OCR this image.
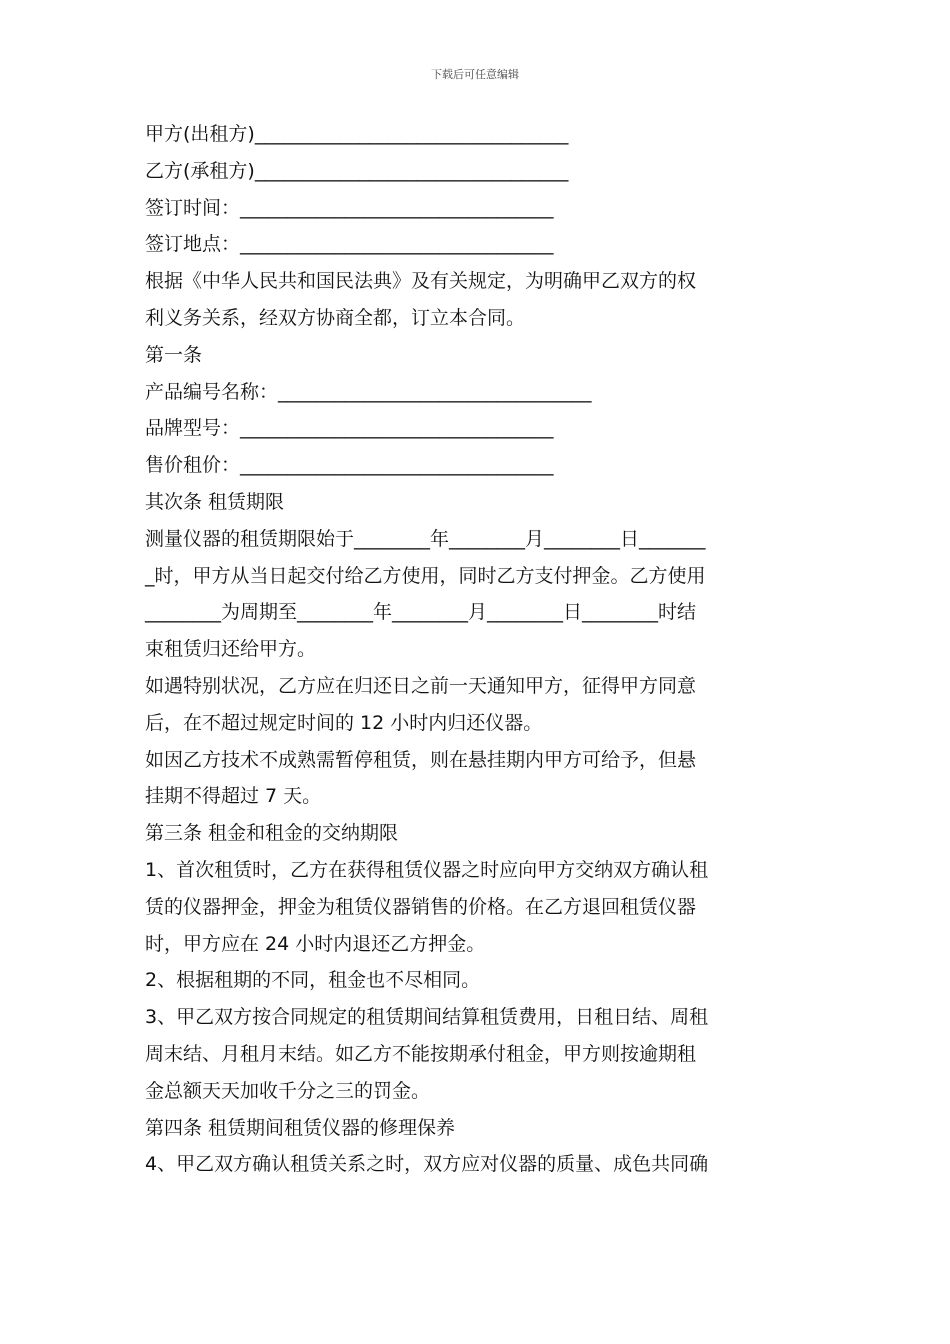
下载后可任意编辑
甲方(出租方)_________________________________
乙方(承租方)_________________________________
签订时间：_________________________________
签订地点：_________________________________
根据《中华人民共和国民法典》及有关规定，为明确甲乙双方的权
利义务关系，经双方协商全都，订立本合同。
第一条
产品编号名称：_________________________________
品牌型号：_________________________________
售价租价：_________________________________
其次条 租赁期限
测量仪器的租赁期限始于________年________月________日_______
_时，甲方从当日起交付给乙方使用，同时乙方支付押金。乙方使用
________为周期至________年________月________日________时结
束租赁归还给甲方。
如遇特别状况，乙方应在归还日之前一天通知甲方，征得甲方同意
后，在不超过规定时间的 12 小时内归还仪器。
如因乙方技术不成熟需暂停租赁，则在悬挂期内甲方可给予，但悬
挂期不得超过 7 天。
第三条 租金和租金的交纳期限
1、首次租赁时，乙方在获得租赁仪器之时应向甲方交纳双方确认租
赁的仪器押金，押金为租赁仪器销售的价格。在乙方退回租赁仪器
时，甲方应在 24 小时内退还乙方押金。
2、根据租期的不同，租金也不尽相同。
3、甲乙双方按合同规定的租赁期间结算租赁费用，日租日结、周租
周末结、月租月末结。如乙方不能按期承付租金，甲方则按逾期租
金总额天天加收千分之三的罚金。
第四条 租赁期间租赁仪器的修理保养
4、甲乙双方确认租赁关系之时，双方应对仪器的质量、成色共同确
